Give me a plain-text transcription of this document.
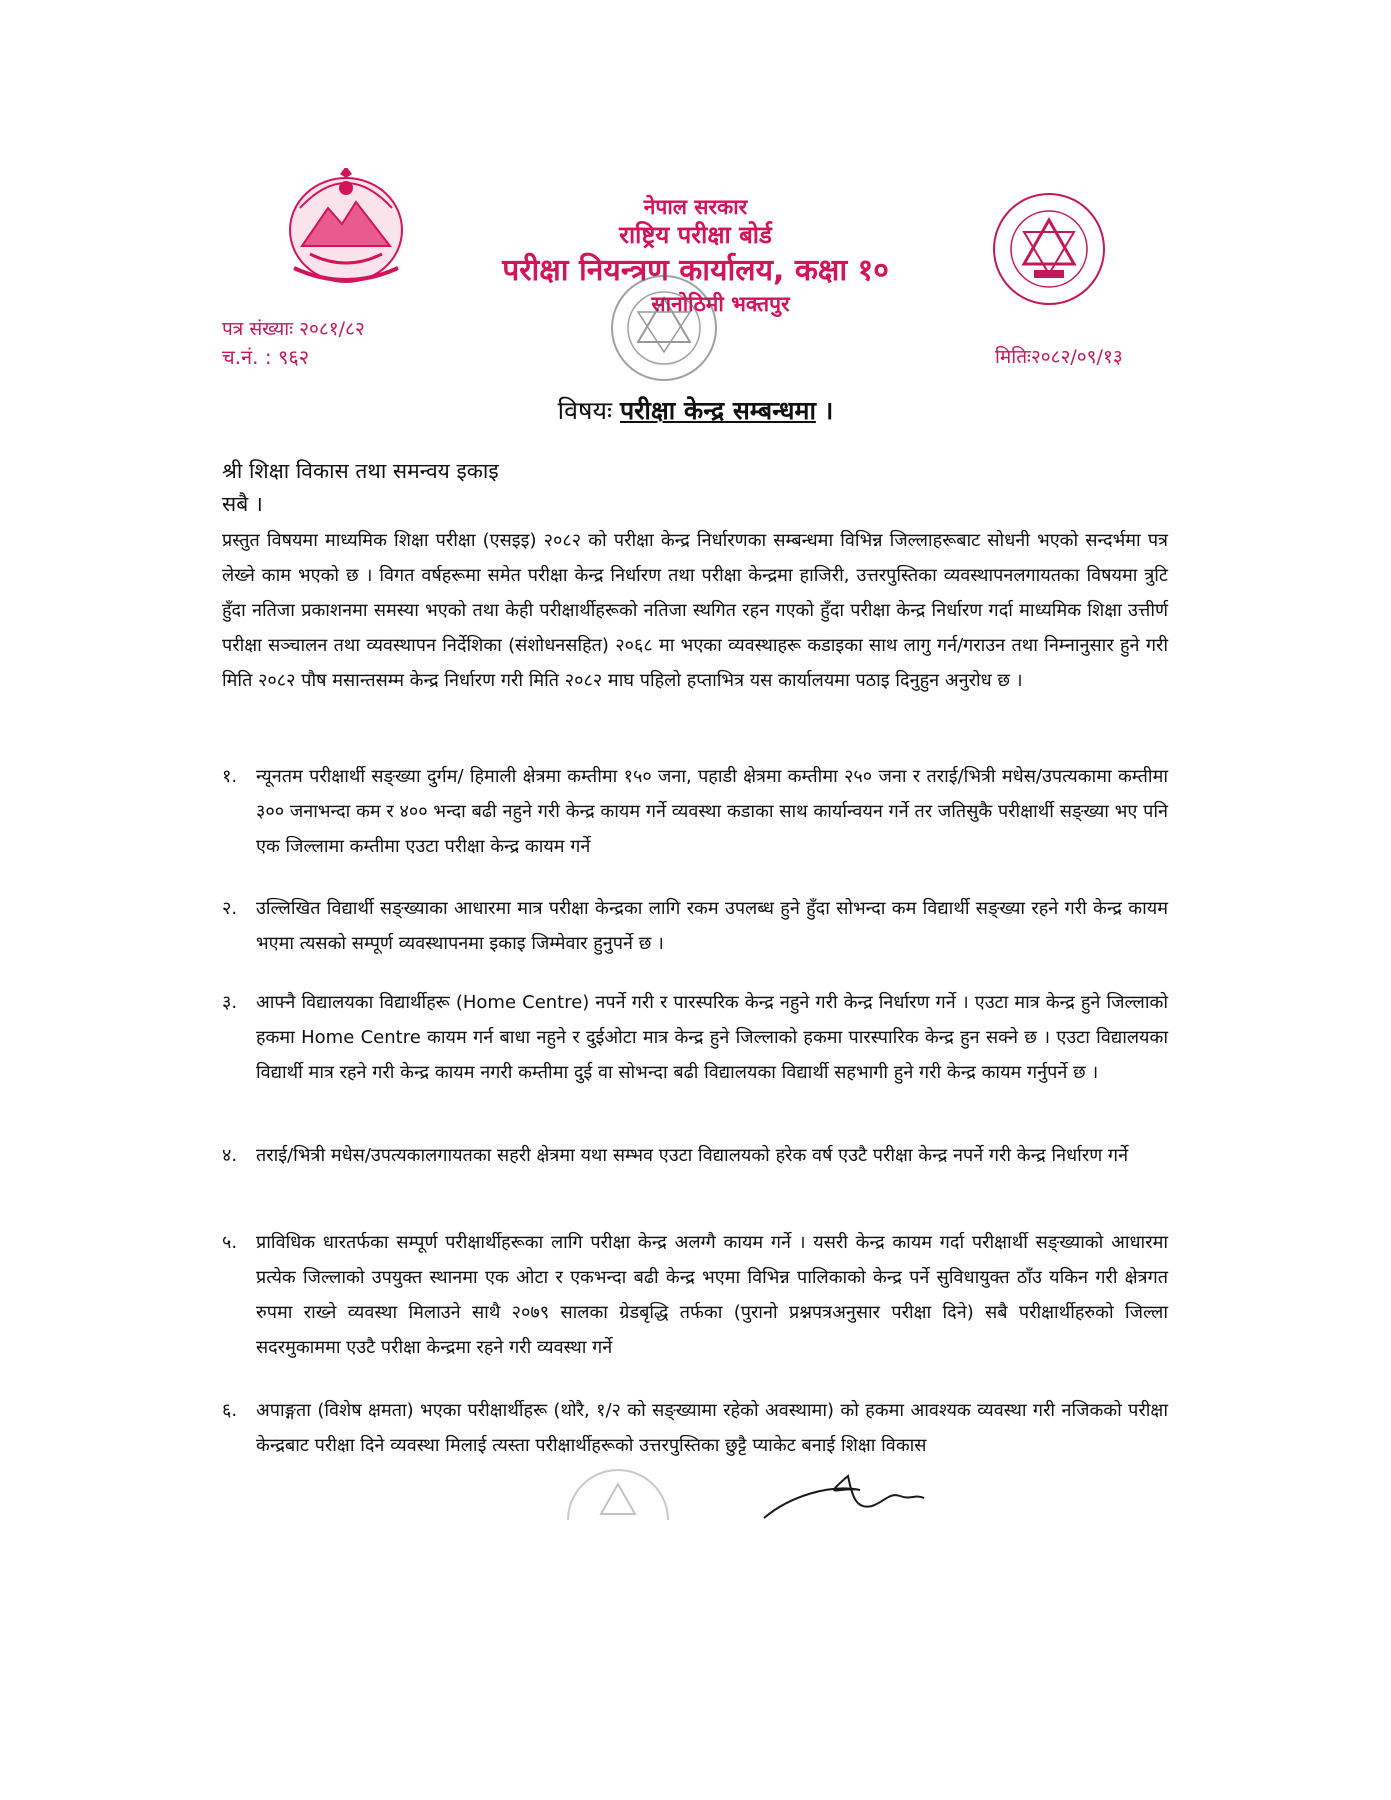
नेपाल सरकार
राष्ट्रिय परीक्षा बोर्ड
परीक्षा नियन्त्रण कार्यालय, कक्षा १०
सानोठिमी भक्तपुर
पत्र संख्याः २०८१/८२
च.नं. : ९६२	मितिः२०८२/०९/१३
विषयः परीक्षा केन्द्र सम्बन्धमा ।
श्री शिक्षा विकास तथा समन्वय इकाइ
सबै ।
प्रस्तुत विषयमा माध्यमिक शिक्षा परीक्षा (एसइइ) २०८२ को परीक्षा केन्द्र निर्धारणका सम्बन्धमा विभिन्न जिल्लाहरूबाट सोधनी भएको सन्दर्भमा पत्र लेख्ने काम भएको छ । विगत वर्षहरूमा समेत परीक्षा केन्द्र निर्धारण तथा परीक्षा केन्द्रमा हाजिरी, उत्तरपुस्तिका व्यवस्थापनलगायतका विषयमा त्रुटि हुँदा नतिजा प्रकाशनमा समस्या भएको तथा केही परीक्षार्थीहरूको नतिजा स्थगित रहन गएको हुँदा परीक्षा केन्द्र निर्धारण गर्दा माध्यमिक शिक्षा उत्तीर्ण परीक्षा सञ्चालन तथा व्यवस्थापन निर्देशिका (संशोधनसहित) २०६८ मा भएका व्यवस्थाहरू कडाइका साथ लागु गर्न/गराउन तथा निम्नानुसार हुने गरी मिति २०८२ पौष मसान्तसम्म केन्द्र निर्धारण गरी मिति २०८२ माघ पहिलो हप्ताभित्र यस कार्यालयमा पठाइ दिनुहुन अनुरोध छ ।
१.	न्यूनतम परीक्षार्थी सङ्ख्या दुर्गम/ हिमाली क्षेत्रमा कम्तीमा १५० जना, पहाडी क्षेत्रमा कम्तीमा २५० जना र तराई/भित्री मधेस/उपत्यकामा कम्तीमा ३०० जनाभन्दा कम र ४०० भन्दा बढी नहुने गरी केन्द्र कायम गर्ने व्यवस्था कडाका साथ कार्यान्वयन गर्ने तर जतिसुकै परीक्षार्थी सङ्ख्या भए पनि एक जिल्लामा कम्तीमा एउटा परीक्षा केन्द्र कायम गर्ने
२.	उल्लिखित विद्यार्थी सङ्ख्याका आधारमा मात्र परीक्षा केन्द्रका लागि रकम उपलब्ध हुने हुँदा सोभन्दा कम विद्यार्थी सङ्ख्या रहने गरी केन्द्र कायम भएमा त्यसको सम्पूर्ण व्यवस्थापनमा इकाइ जिम्मेवार हुनुपर्ने छ ।
३.	आफ्नै विद्यालयका विद्यार्थीहरू (Home Centre) नपर्ने गरी र पारस्परिक केन्द्र नहुने गरी केन्द्र निर्धारण गर्ने । एउटा मात्र केन्द्र हुने जिल्लाको हकमा Home Centre कायम गर्न बाधा नहुने र दुईओटा मात्र केन्द्र हुने जिल्लाको हकमा पारस्पारिक केन्द्र हुन सक्ने छ । एउटा विद्यालयका विद्यार्थी मात्र रहने गरी केन्द्र कायम नगरी कम्तीमा दुई वा सोभन्दा बढी विद्यालयका विद्यार्थी सहभागी हुने गरी केन्द्र कायम गर्नुपर्ने छ ।
४.	तराई/भित्री मधेस/उपत्यकालगायतका सहरी क्षेत्रमा यथा सम्भव एउटा विद्यालयको हरेक वर्ष एउटै परीक्षा केन्द्र नपर्ने गरी केन्द्र निर्धारण गर्ने
५.	प्राविधिक धारतर्फका सम्पूर्ण परीक्षार्थीहरूका लागि परीक्षा केन्द्र अलग्गै कायम गर्ने । यसरी केन्द्र कायम गर्दा परीक्षार्थी सङ्ख्याको आधारमा प्रत्येक जिल्लाको उपयुक्त स्थानमा एक ओटा र एकभन्दा बढी केन्द्र भएमा विभिन्न पालिकाको केन्द्र पर्ने सुविधायुक्त ठाँउ यकिन गरी क्षेत्रगत रुपमा राख्ने व्यवस्था मिलाउने साथै २०७९ सालका ग्रेडबृद्धि तर्फका (पुरानो प्रश्नपत्रअनुसार परीक्षा दिने) सबै परीक्षार्थीहरुको जिल्ला सदरमुकाममा एउटै परीक्षा केन्द्रमा रहने गरी व्यवस्था गर्ने
६.	अपाङ्गता (विशेष क्षमता) भएका परीक्षार्थीहरू (थोरै, १/२ को सङ्ख्यामा रहेको अवस्थामा) को हकमा आवश्यक व्यवस्था गरी नजिकको परीक्षा केन्द्रबाट परीक्षा दिने व्यवस्था मिलाई त्यस्ता परीक्षार्थीहरूको उत्तरपुस्तिका छुट्टै प्याकेट बनाई शिक्षा विकास
